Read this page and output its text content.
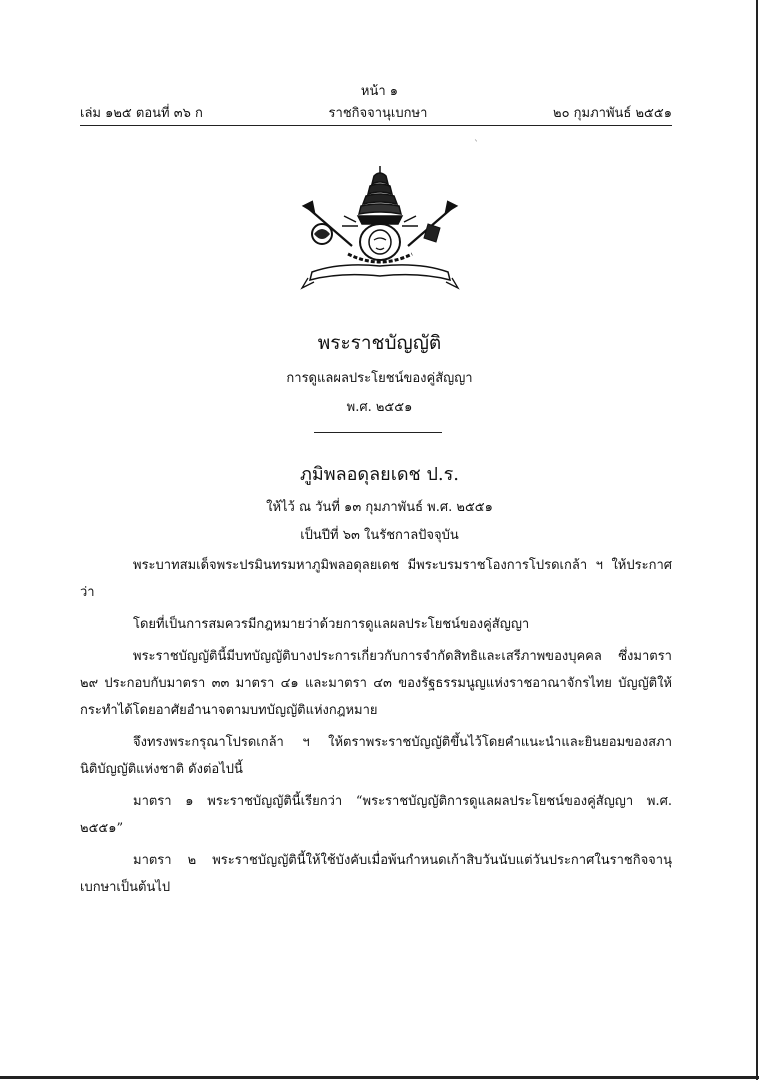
หน้า ๑
เล่ม ๑๒๕ ตอนที่ ๓๖ ก	ราชกิจจานุเบกษา	๒๐ กุมภาพันธ์ ๒๕๕๑
`
พระราชบัญญัติ
การดูแลผลประโยชน์ของคู่สัญญา
พ.ศ. ๒๕๕๑
ภูมิพลอดุลยเดช ป.ร.
ให้ไว้ ณ วันที่ ๑๓ กุมภาพันธ์ พ.ศ. ๒๕๕๑
เป็นปีที่ ๖๓ ในรัชกาลปัจจุบัน

พระบาทสมเด็จพระปรมินทรมหาภูมิพลอดุลยเดช มีพระบรมราชโองการโปรดเกล้า ฯ ให้ประกาศว่า

โดยที่เป็นการสมควรมีกฎหมายว่าด้วยการดูแลผลประโยชน์ของคู่สัญญา

พระราชบัญญัตินี้มีบทบัญญัติบางประการเกี่ยวกับการจำกัดสิทธิและเสรีภาพของบุคคล ซึ่งมาตรา ๒๙ ประกอบกับมาตรา ๓๓ มาตรา ๔๑ และมาตรา ๔๓ ของรัฐธรรมนูญแห่งราชอาณาจักรไทย บัญญัติให้กระทำได้โดยอาศัยอำนาจตามบทบัญญัติแห่งกฎหมาย

จึงทรงพระกรุณาโปรดเกล้า ฯ ให้ตราพระราชบัญญัติขึ้นไว้โดยคำแนะนำและยินยอมของสภานิติบัญญัติแห่งชาติ ดังต่อไปนี้

มาตรา ๑ พระราชบัญญัตินี้เรียกว่า “พระราชบัญญัติการดูแลผลประโยชน์ของคู่สัญญา พ.ศ. ๒๕๕๑”

มาตรา ๒ พระราชบัญญัตินี้ให้ใช้บังคับเมื่อพ้นกำหนดเก้าสิบวันนับแต่วันประกาศในราชกิจจานุเบกษาเป็นต้นไป
